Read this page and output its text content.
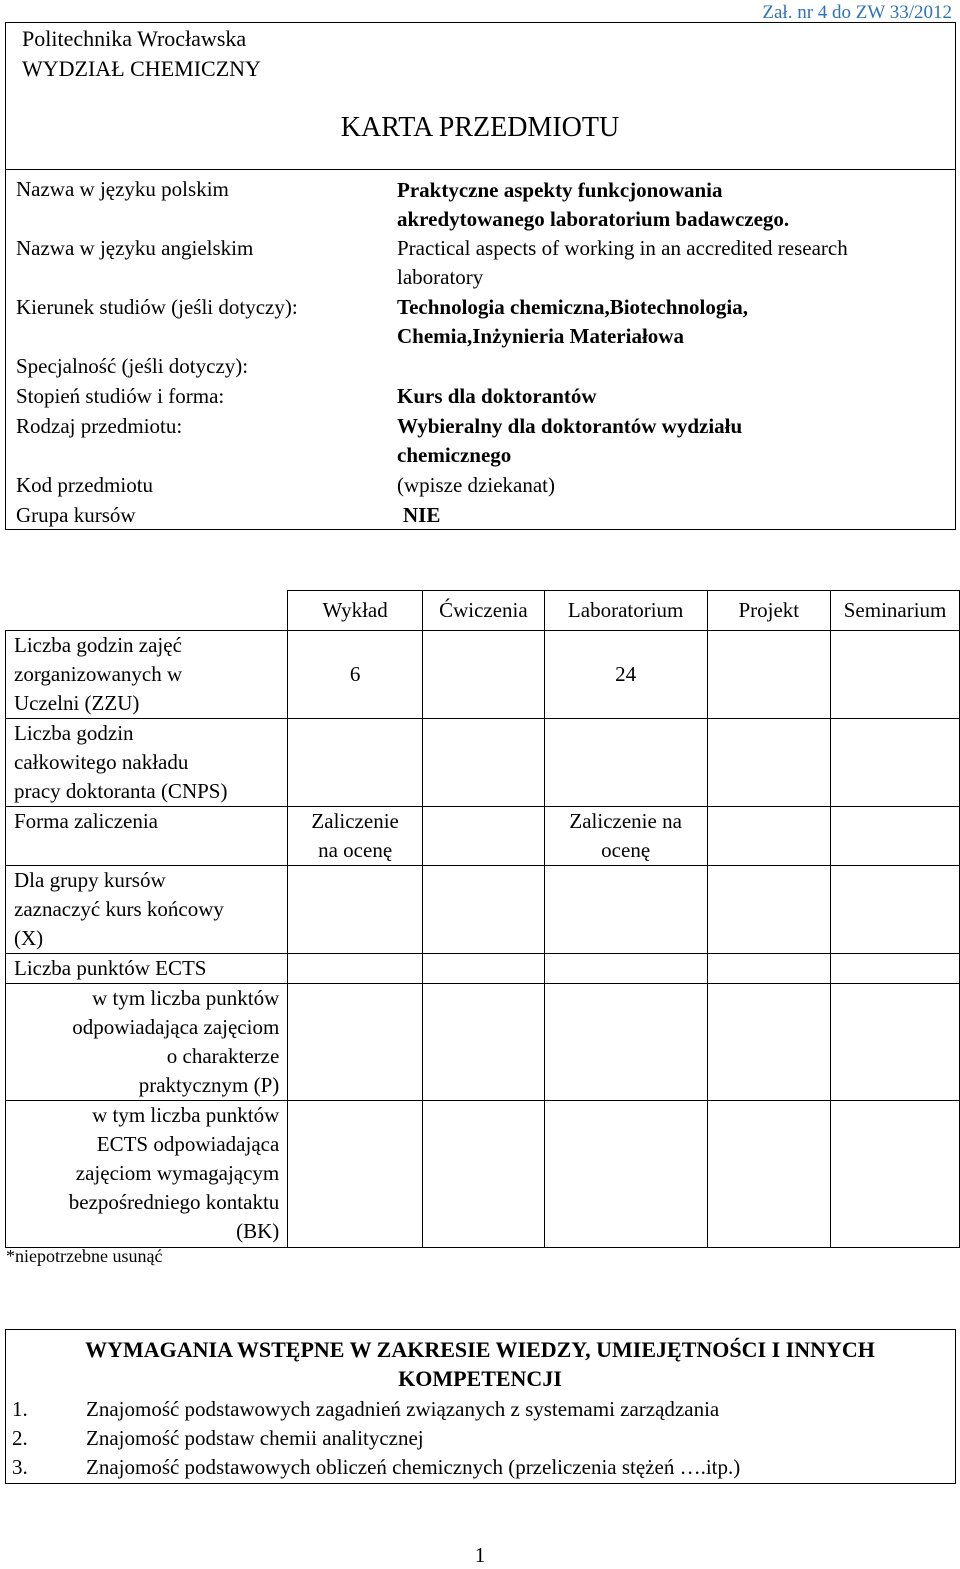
Zał. nr 4 do ZW 33/2012
Politechnika Wrocławska
WYDZIAŁ CHEMICZNY
KARTA PRZEDMIOTU
Nazwa w języku polskim	Praktyczne aspekty funkcjonowania
akredytowanego laboratorium badawczego.
Nazwa w języku angielskim	Practical aspects of working in an accredited research
laboratory
Kierunek studiów (jeśli dotyczy):	Technologia chemiczna,Biotechnologia,
Chemia,Inżynieria Materiałowa
Specjalność (jeśli dotyczy):
Stopień studiów i forma:	Kurs dla doktorantów
Rodzaj przedmiotu:	Wybieralny dla doktorantów wydziału
chemicznego
Kod przedmiotu	(wpisze dziekanat)
Grupa kursów	NIE
	Wykład	Ćwiczenia	Laboratorium	Projekt	Seminarium

Liczba godzin zajęć
zorganizowanych w
Uczelni (ZZU)	6		24		

Liczba godzin
całkowitego nakładu
pracy doktoranta (CNPS)					

Forma zaliczenia	Zaliczenie
na ocenę		Zaliczenie na
ocenę		

Dla grupy kursów
zaznaczyć kurs końcowy
(X)					

Liczba punktów ECTS					

w tym liczba punktów
odpowiadająca zajęciom
o charakterze
praktycznym (P)					

w tym liczba punktów
ECTS odpowiadająca
zajęciom wymagającym
bezpośredniego kontaktu
(BK)					

*niepotrzebne usunąć
WYMAGANIA WSTĘPNE W ZAKRESIE WIEDZY, UMIEJĘTNOŚCI I INNYCH
KOMPETENCJI
1.	Znajomość podstawowych zagadnień związanych z systemami zarządzania
2.	Znajomość podstaw chemii analitycznej
3.	Znajomość podstawowych obliczeń chemicznych (przeliczenia stężeń ….itp.)
1
